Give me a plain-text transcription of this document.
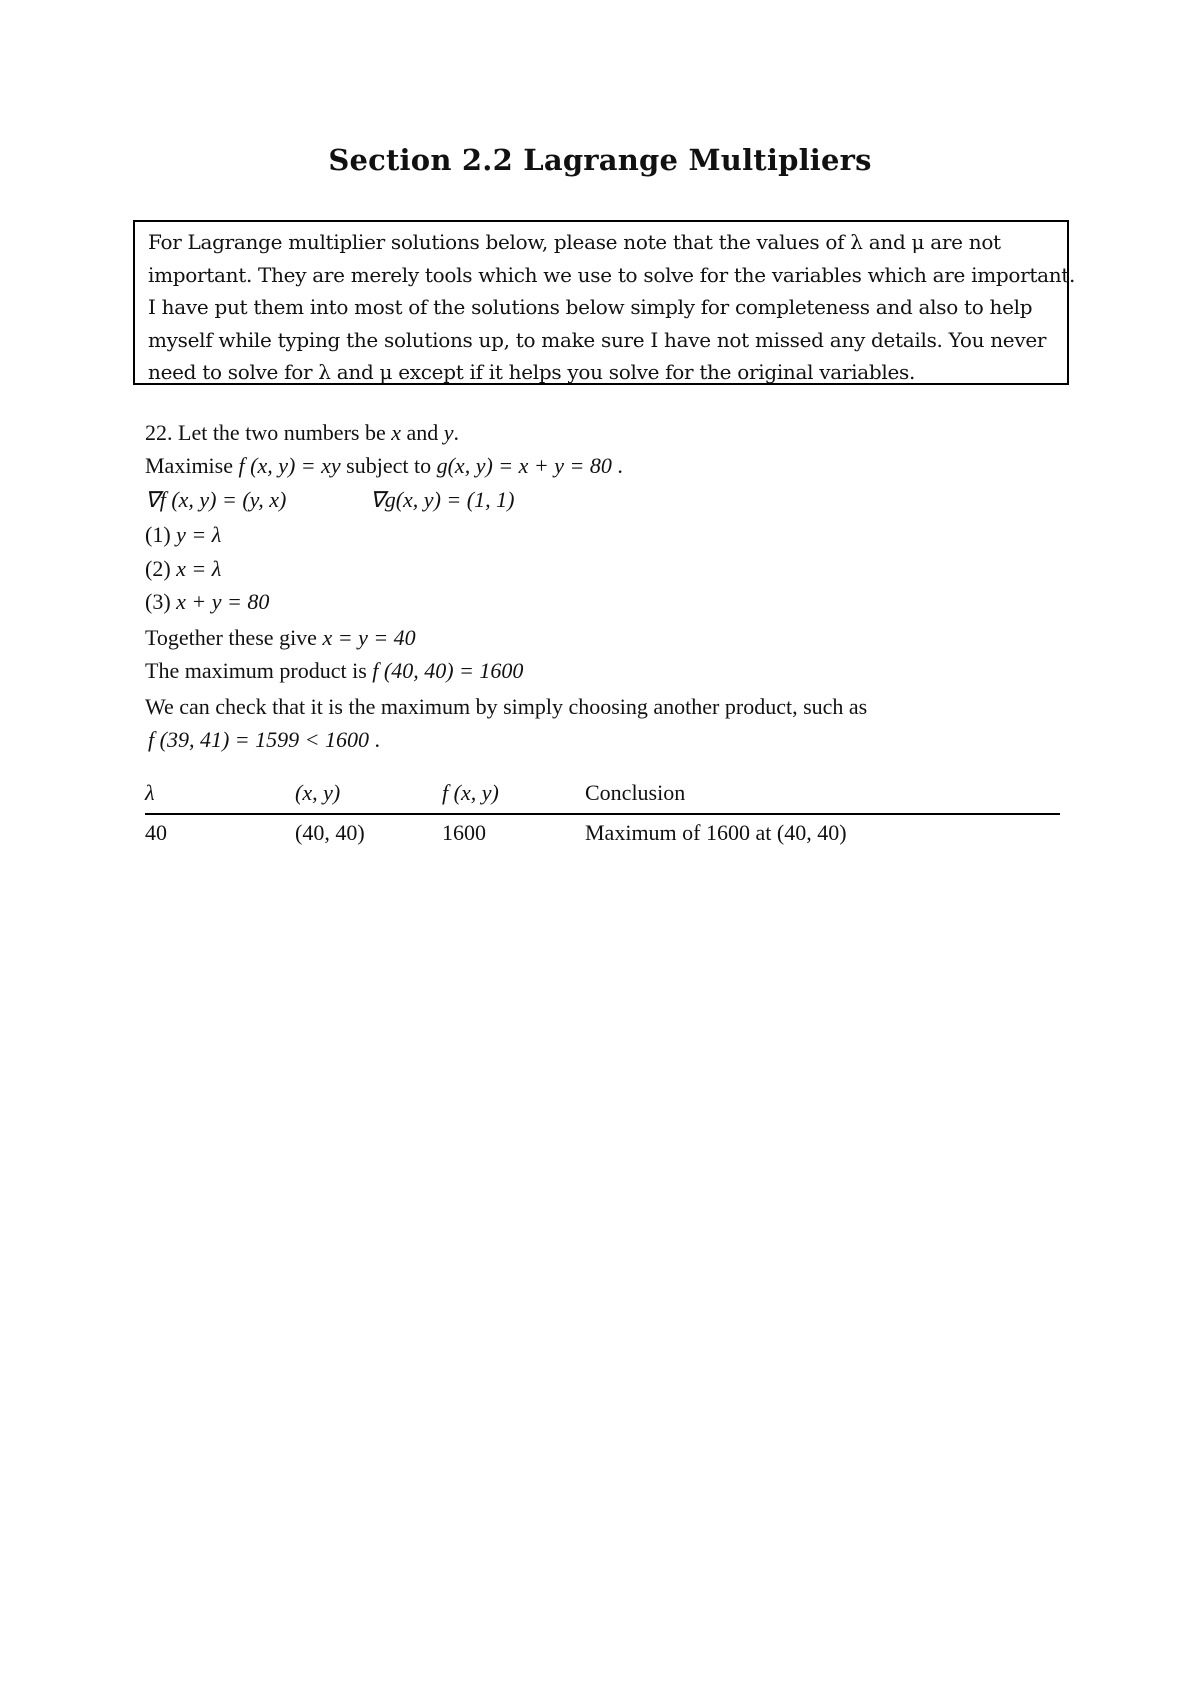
Section 2.2 Lagrange Multipliers
For Lagrange multiplier solutions below, please note that the values of λ and μ are not
important. They are merely tools which we use to solve for the variables which are important.
I have put them into most of the solutions below simply for completeness and also to help
myself while typing the solutions up, to make sure I have not missed any details. You never
need to solve for λ and μ except if it helps you solve for the original variables.
22. Let the two numbers be x and y.
Maximise f (x, y) = xy subject to g(x, y) = x + y = 80 .
∇f (x, y) = (y, x)	∇g(x, y) = (1, 1)
(1) y = λ
(2) x = λ
(3) x + y = 80
Together these give x = y = 40
The maximum product is f (40, 40) = 1600
We can check that it is the maximum by simply choosing another product, such as
f (39, 41) = 1599 < 1600 .
λ	(x, y)	f (x, y)	Conclusion
40	(40, 40)	1600	Maximum of 1600 at (40, 40)
